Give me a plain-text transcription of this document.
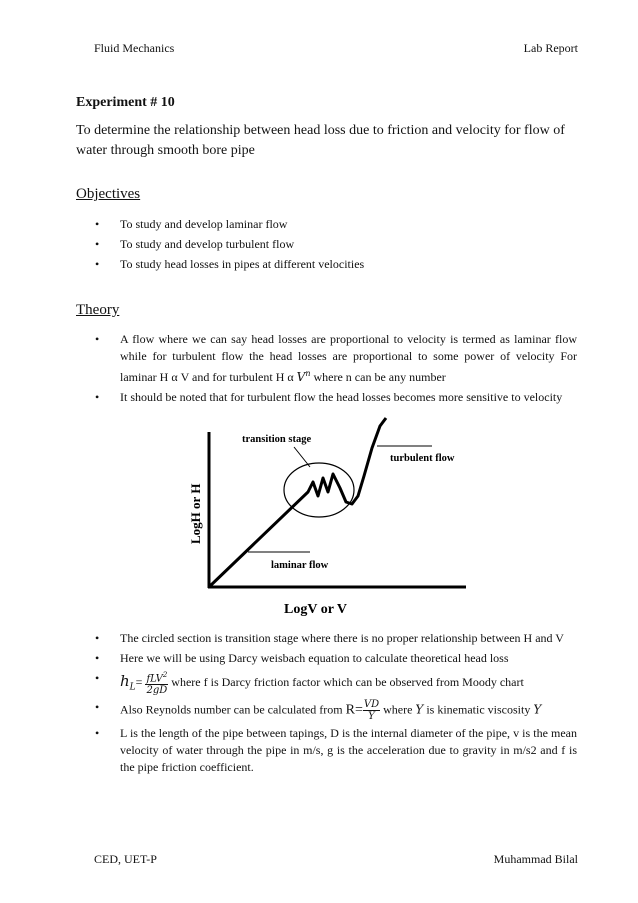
Fluid Mechanics	Lab Report
Experiment # 10
To determine the relationship between head loss due to friction and velocity for flow of water through smooth bore pipe
Objectives
• To study and develop laminar flow
• To study and develop turbulent flow
• To study head losses in pipes at different velocities
Theory
• A flow where we can say head losses are proportional to velocity is termed as laminar flow while for turbulent flow the head losses are proportional to some power of velocity For laminar H α V and for turbulent H α $V^n$ where n can be any number
• It should be noted that for turbulent flow the head losses becomes more sensitive to velocity
transition stage
turbulent flow
laminar flow
LogV or V
LogH or H
• The circled section is transition stage where there is no proper relationship between H and V
• Here we will be using Darcy weisbach equation to calculate theoretical head loss
• $h_L= \frac{fLV^2}{2gD}$ where f is Darcy friction factor which can be observed from Moody chart
• Also Reynolds number can be calculated from $R= \frac{VD}{Y}$ where Y is kinematic viscosity Y
• L is the length of the pipe between tapings, D is the internal diameter of the pipe, v is the mean velocity of water through the pipe in m/s, g is the acceleration due to gravity in m/s2 and f is the pipe friction coefficient.
CED, UET-P	Muhammad Bilal
